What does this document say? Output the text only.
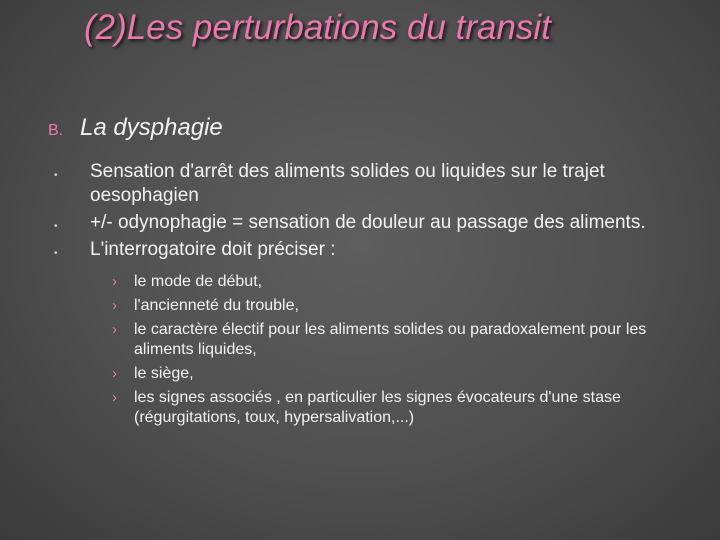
(2)Les perturbations du transit
B. La dysphagie
• Sensation d'arrêt des aliments solides ou liquides sur le trajet oesophagien
• +/- odynophagie = sensation de douleur au passage des aliments.
• L'interrogatoire doit préciser :
› le mode de début,
› l'ancienneté du trouble,
› le caractère électif pour les aliments solides ou paradoxalement pour les aliments liquides,
› le siège,
› les signes associés , en particulier les signes évocateurs d'une stase (régurgitations, toux, hypersalivation,...)
